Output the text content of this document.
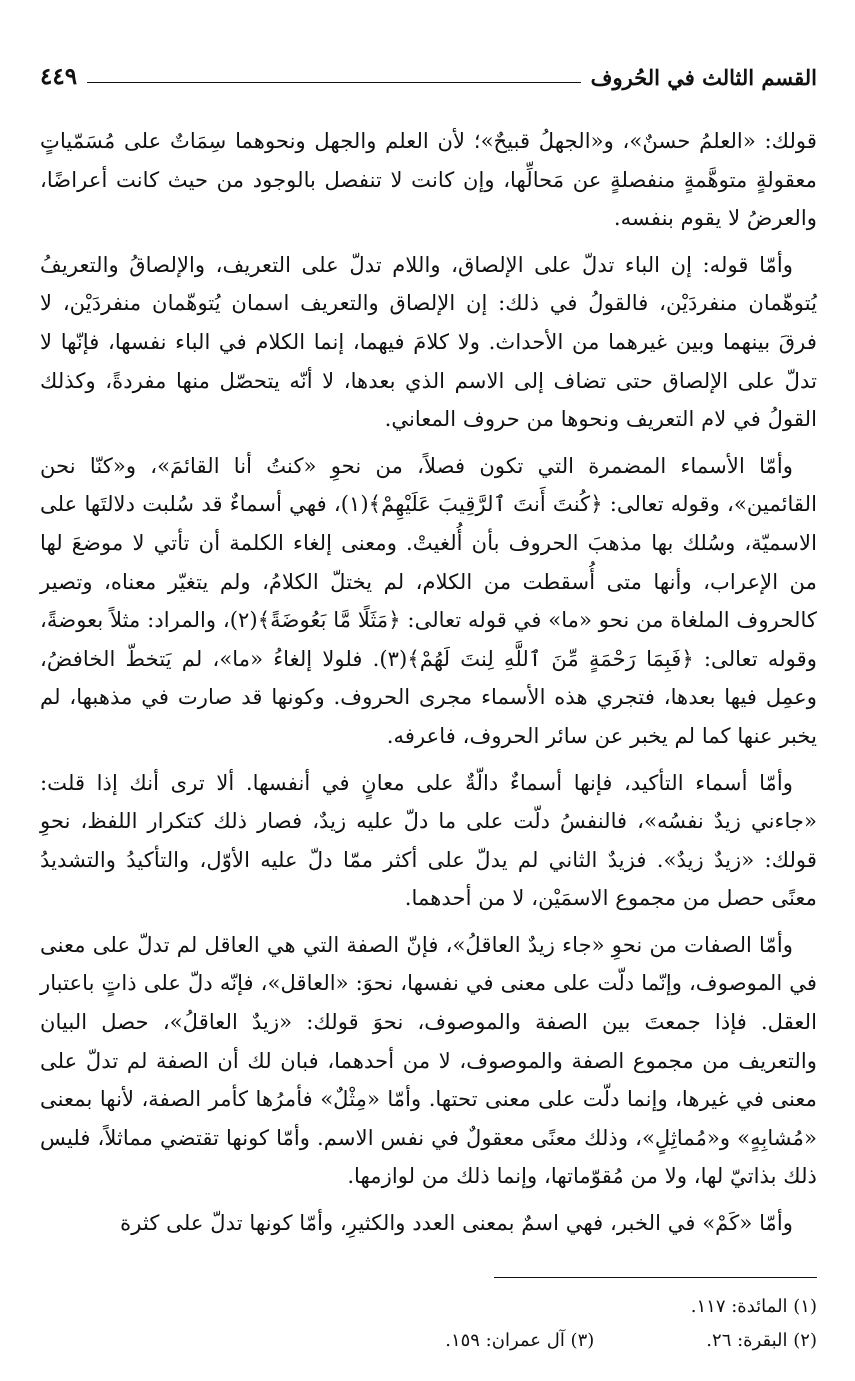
القسم الثالث في الحُروف
٤٤٩

قولك: «العلمُ حسنٌ»، و«الجهلُ قبيحٌ»؛ لأن العلم والجهل ونحوهما سِمَاتٌ على مُسَمّياتٍ معقولةٍ متوهَّمةٍ منفصلةٍ عن مَحالِّها، وإن كانت لا تنفصل بالوجود من حيث كانت أعراضًا، والعرضُ لا يقوم بنفسه.

وأمّا قوله: إن الباء تدلّ على الإلصاق، واللام تدلّ على التعريف، والإلصاقُ والتعريفُ يُتوهّمان منفردَيْن، فالقولُ في ذلك: إن الإلصاق والتعريف اسمان يُتوهّمان منفردَيْن، لا فرقَ بينهما وبين غيرهما من الأحداث. ولا كلامَ فيهما، إنما الكلام في الباء نفسها، فإنّها لا تدلّ على الإلصاق حتى تضاف إلى الاسم الذي بعدها، لا أنّه يتحصّل منها مفردةً، وكذلك القولُ في لام التعريف ونحوها من حروف المعاني.

وأمّا الأسماء المضمرة التي تكون فصلاً، من نحوِ «كنتُ أنا القائمَ»، و«كنّا نحن القائمين»، وقوله تعالى: ﴿كُنتَ أَنتَ ٱلرَّقِيبَ عَلَيْهِمْ﴾(١)، فهي أسماءٌ قد سُلبت دلالتَها على الاسميّة، وسُلك بها مذهبَ الحروف بأن أُلغيتْ. ومعنى إلغاء الكلمة أن تأتي لا موضعَ لها من الإعراب، وأنها متى أُسقطت من الكلام، لم يختلّ الكلامُ، ولم يتغيّر معناه، وتصير كالحروف الملغاة من نحو «ما» في قوله تعالى: ﴿مَثَلًا مَّا بَعُوضَةً﴾(٢)، والمراد: مثلاً بعوضةً، وقوله تعالى: ﴿فَبِمَا رَحْمَةٍ مِّنَ ٱللَّهِ لِنتَ لَهُمْ﴾(٣). فلولا إلغاءُ «ما»، لم يَتخطّ الخافضُ، وعمِل فيها بعدها، فتجري هذه الأسماء مجرى الحروف. وكونها قد صارت في مذهبها، لم يخبر عنها كما لم يخبر عن سائر الحروف، فاعرفه.

وأمّا أسماء التأكيد، فإنها أسماءٌ دالّةٌ على معانٍ في أنفسها. ألا ترى أنك إذا قلت: «جاءني زيدٌ نفسُه»، فالنفسُ دلّت على ما دلّ عليه زيدٌ، فصار ذلك كتكرار اللفظ، نحوِ قولك: «زيدٌ زيدٌ». فزيدٌ الثاني لم يدلّ على أكثر ممّا دلّ عليه الأوّل، والتأكيدُ والتشديدُ معنًى حصل من مجموع الاسمَيْن، لا من أحدهما.

وأمّا الصفات من نحوِ «جاء زيدٌ العاقلُ»، فإنّ الصفة التي هي العاقل لم تدلّ على معنى في الموصوف، وإنّما دلّت على معنى في نفسها، نحوَ: «العاقل»، فإنّه دلّ على ذاتٍ باعتبار العقل. فإذا جمعتَ بين الصفة والموصوف، نحوَ قولك: «زيدٌ العاقلُ»، حصل البيان والتعريف من مجموع الصفة والموصوف، لا من أحدهما، فبان لك أن الصفة لم تدلّ على معنى في غيرها، وإنما دلّت على معنى تحتها. وأمّا «مِثْلٌ» فأمرُها كأمر الصفة، لأنها بمعنى «مُشابِهٍ» و«مُماثِلٍ»، وذلك معنًى معقولٌ في نفس الاسم. وأمّا كونها تقتضي مماثلاً، فليس ذلك بذاتيّ لها، ولا من مُقوّماتها، وإنما ذلك من لوازمها.

وأمّا «كَمْ» في الخبر، فهي اسمٌ بمعنى العدد والكثيرِ، وأمّا كونها تدلّ على كثرة

(١) المائدة: ١١٧.
(٢) البقرة: ٢٦.
(٣) آل عمران: ١٥٩.
